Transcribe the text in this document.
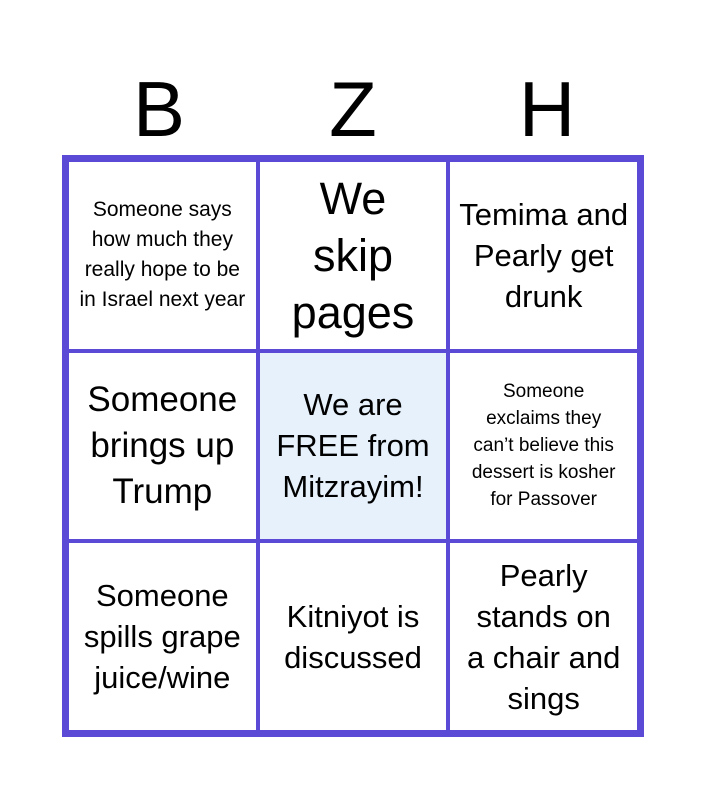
B	Z	H
Someone says how much they really hope to be in Israel next year
We skip pages
Temima and Pearly get drunk
Someone brings up Trump
We are FREE from Mitzrayim!
Someone exclaims they can’t believe this dessert is kosher for Passover
Someone spills grape juice/wine
Kitniyot is discussed
Pearly stands on a chair and sings
